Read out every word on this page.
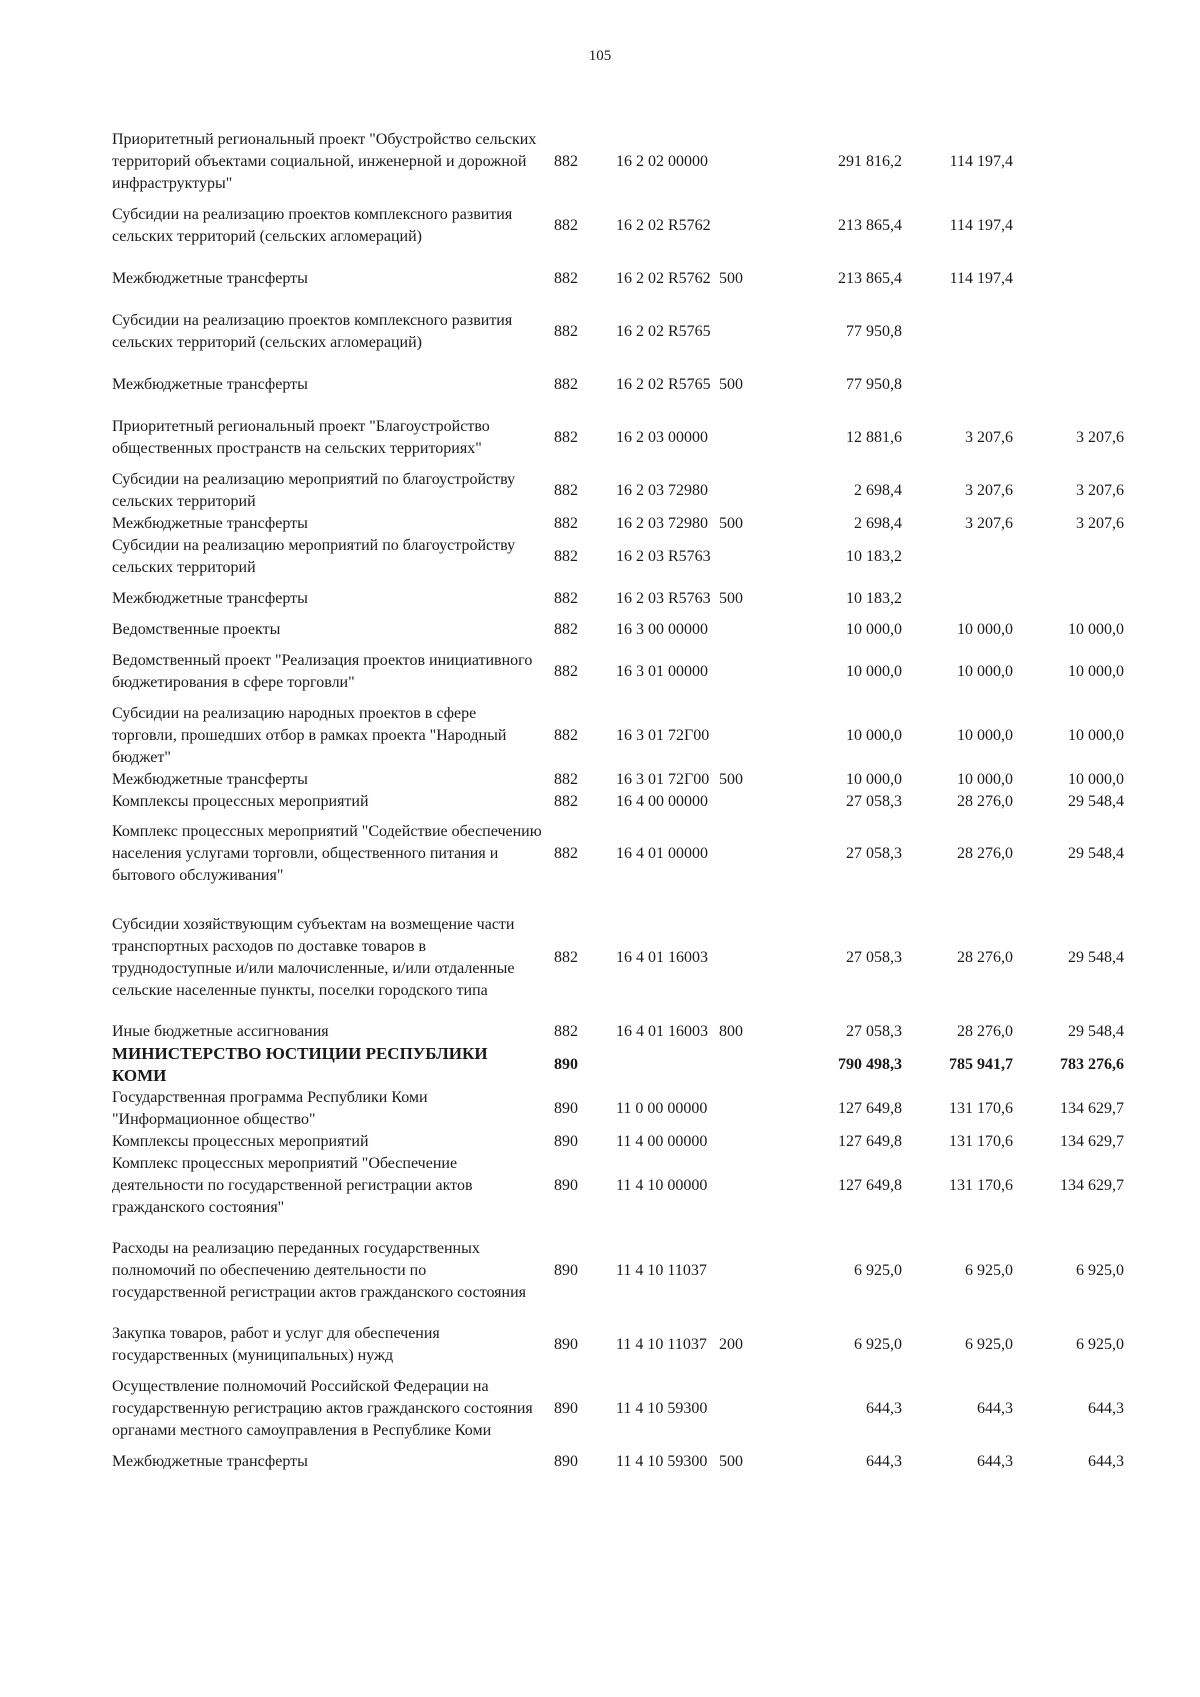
105
Приоритетный региональный проект "Обустройство сельских территорий объектами социальной, инженерной и дорожной инфраструктуры"	882	16 2 02 00000		291 816,2	114 197,4	
Субсидии на реализацию проектов комплексного развития сельских территорий (сельских агломераций)	882	16 2 02 R5762		213 865,4	114 197,4	
Межбюджетные трансферты	882	16 2 02 R5762	500	213 865,4	114 197,4	
Субсидии на реализацию проектов комплексного развития сельских территорий (сельских агломераций)	882	16 2 02 R5765		77 950,8		
Межбюджетные трансферты	882	16 2 02 R5765	500	77 950,8		
Приоритетный региональный проект "Благоустройство общественных пространств на сельских территориях"	882	16 2 03 00000		12 881,6	3 207,6	3 207,6
Субсидии на реализацию мероприятий по благоустройству сельских территорий	882	16 2 03 72980		2 698,4	3 207,6	3 207,6
Межбюджетные трансферты	882	16 2 03 72980	500	2 698,4	3 207,6	3 207,6
Субсидии на реализацию мероприятий по благоустройству сельских территорий	882	16 2 03 R5763		10 183,2		
Межбюджетные трансферты	882	16 2 03 R5763	500	10 183,2		
Ведомственные проекты	882	16 3 00 00000		10 000,0	10 000,0	10 000,0
Ведомственный проект "Реализация проектов инициативного бюджетирования в сфере торговли"	882	16 3 01 00000		10 000,0	10 000,0	10 000,0
Субсидии на реализацию народных проектов в сфере торговли, прошедших отбор в рамках проекта "Народный бюджет"	882	16 3 01 72Г00		10 000,0	10 000,0	10 000,0
Межбюджетные трансферты	882	16 3 01 72Г00	500	10 000,0	10 000,0	10 000,0
Комплексы процессных мероприятий	882	16 4 00 00000		27 058,3	28 276,0	29 548,4
Комплекс процессных мероприятий "Содействие обеспечению населения услугами торговли, общественного питания и бытового обслуживания"	882	16 4 01 00000		27 058,3	28 276,0	29 548,4
Субсидии хозяйствующим субъектам на возмещение части транспортных расходов по доставке товаров в труднодоступные и/или малочисленные, и/или отдаленные сельские населенные пункты, поселки городского типа	882	16 4 01 16003		27 058,3	28 276,0	29 548,4
Иные бюджетные ассигнования	882	16 4 01 16003	800	27 058,3	28 276,0	29 548,4
МИНИСТЕРСТВО ЮСТИЦИИ РЕСПУБЛИКИ КОМИ	890			790 498,3	785 941,7	783 276,6
Государственная программа Республики Коми "Информационное общество"	890	11 0 00 00000		127 649,8	131 170,6	134 629,7
Комплексы процессных мероприятий	890	11 4 00 00000		127 649,8	131 170,6	134 629,7
Комплекс процессных мероприятий "Обеспечение деятельности по государственной регистрации актов гражданского состояния"	890	11 4 10 00000		127 649,8	131 170,6	134 629,7
Расходы на реализацию переданных государственных полномочий по обеспечению деятельности по государственной регистрации актов гражданского состояния	890	11 4 10 11037		6 925,0	6 925,0	6 925,0
Закупка товаров, работ и услуг для обеспечения государственных (муниципальных) нужд	890	11 4 10 11037	200	6 925,0	6 925,0	6 925,0
Осуществление полномочий Российской Федерации на государственную регистрацию актов гражданского состояния органами местного самоуправления в Республике Коми	890	11 4 10 59300		644,3	644,3	644,3
Межбюджетные трансферты	890	11 4 10 59300	500	644,3	644,3	644,3
